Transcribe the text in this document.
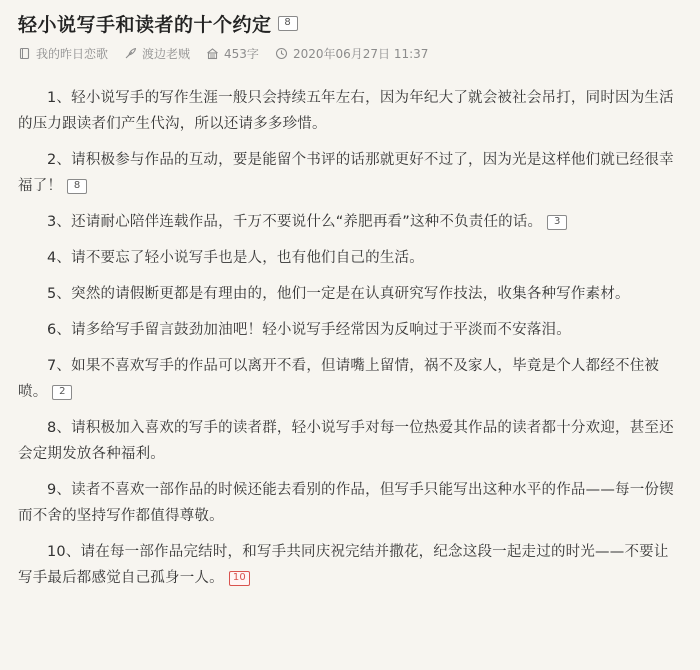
轻小说写手和读者的十个约定	8
我的昨日恋歌	渡边老贼	453字	2020年06月27日 11:37

1、轻小说写手的写作生涯一般只会持续五年左右，因为年纪大了就会被社会吊打，同时因为生活的压力跟读者们产生代沟，所以还请多多珍惜。

2、请积极参与作品的互动，要是能留个书评的话那就更好不过了，因为光是这样他们就已经很幸福了！ 8

3、还请耐心陪伴连载作品，千万不要说什么“养肥再看”这种不负责任的话。 3

4、请不要忘了轻小说写手也是人，也有他们自己的生活。

5、突然的请假断更都是有理由的，他们一定是在认真研究写作技法，收集各种写作素材。

6、请多给写手留言鼓劲加油吧！轻小说写手经常因为反响过于平淡而不安落泪。

7、如果不喜欢写手的作品可以离开不看，但请嘴上留情，祸不及家人，毕竟是个人都经不住被喷。 2

8、请积极加入喜欢的写手的读者群，轻小说写手对每一位热爱其作品的读者都十分欢迎，甚至还会定期发放各种福利。

9、读者不喜欢一部作品的时候还能去看别的作品，但写手只能写出这种水平的作品——每一份锲而不舍的坚持写作都值得尊敬。

10、请在每一部作品完结时，和写手共同庆祝完结并撒花，纪念这段一起走过的时光——不要让写手最后都感觉自己孤身一人。 10
